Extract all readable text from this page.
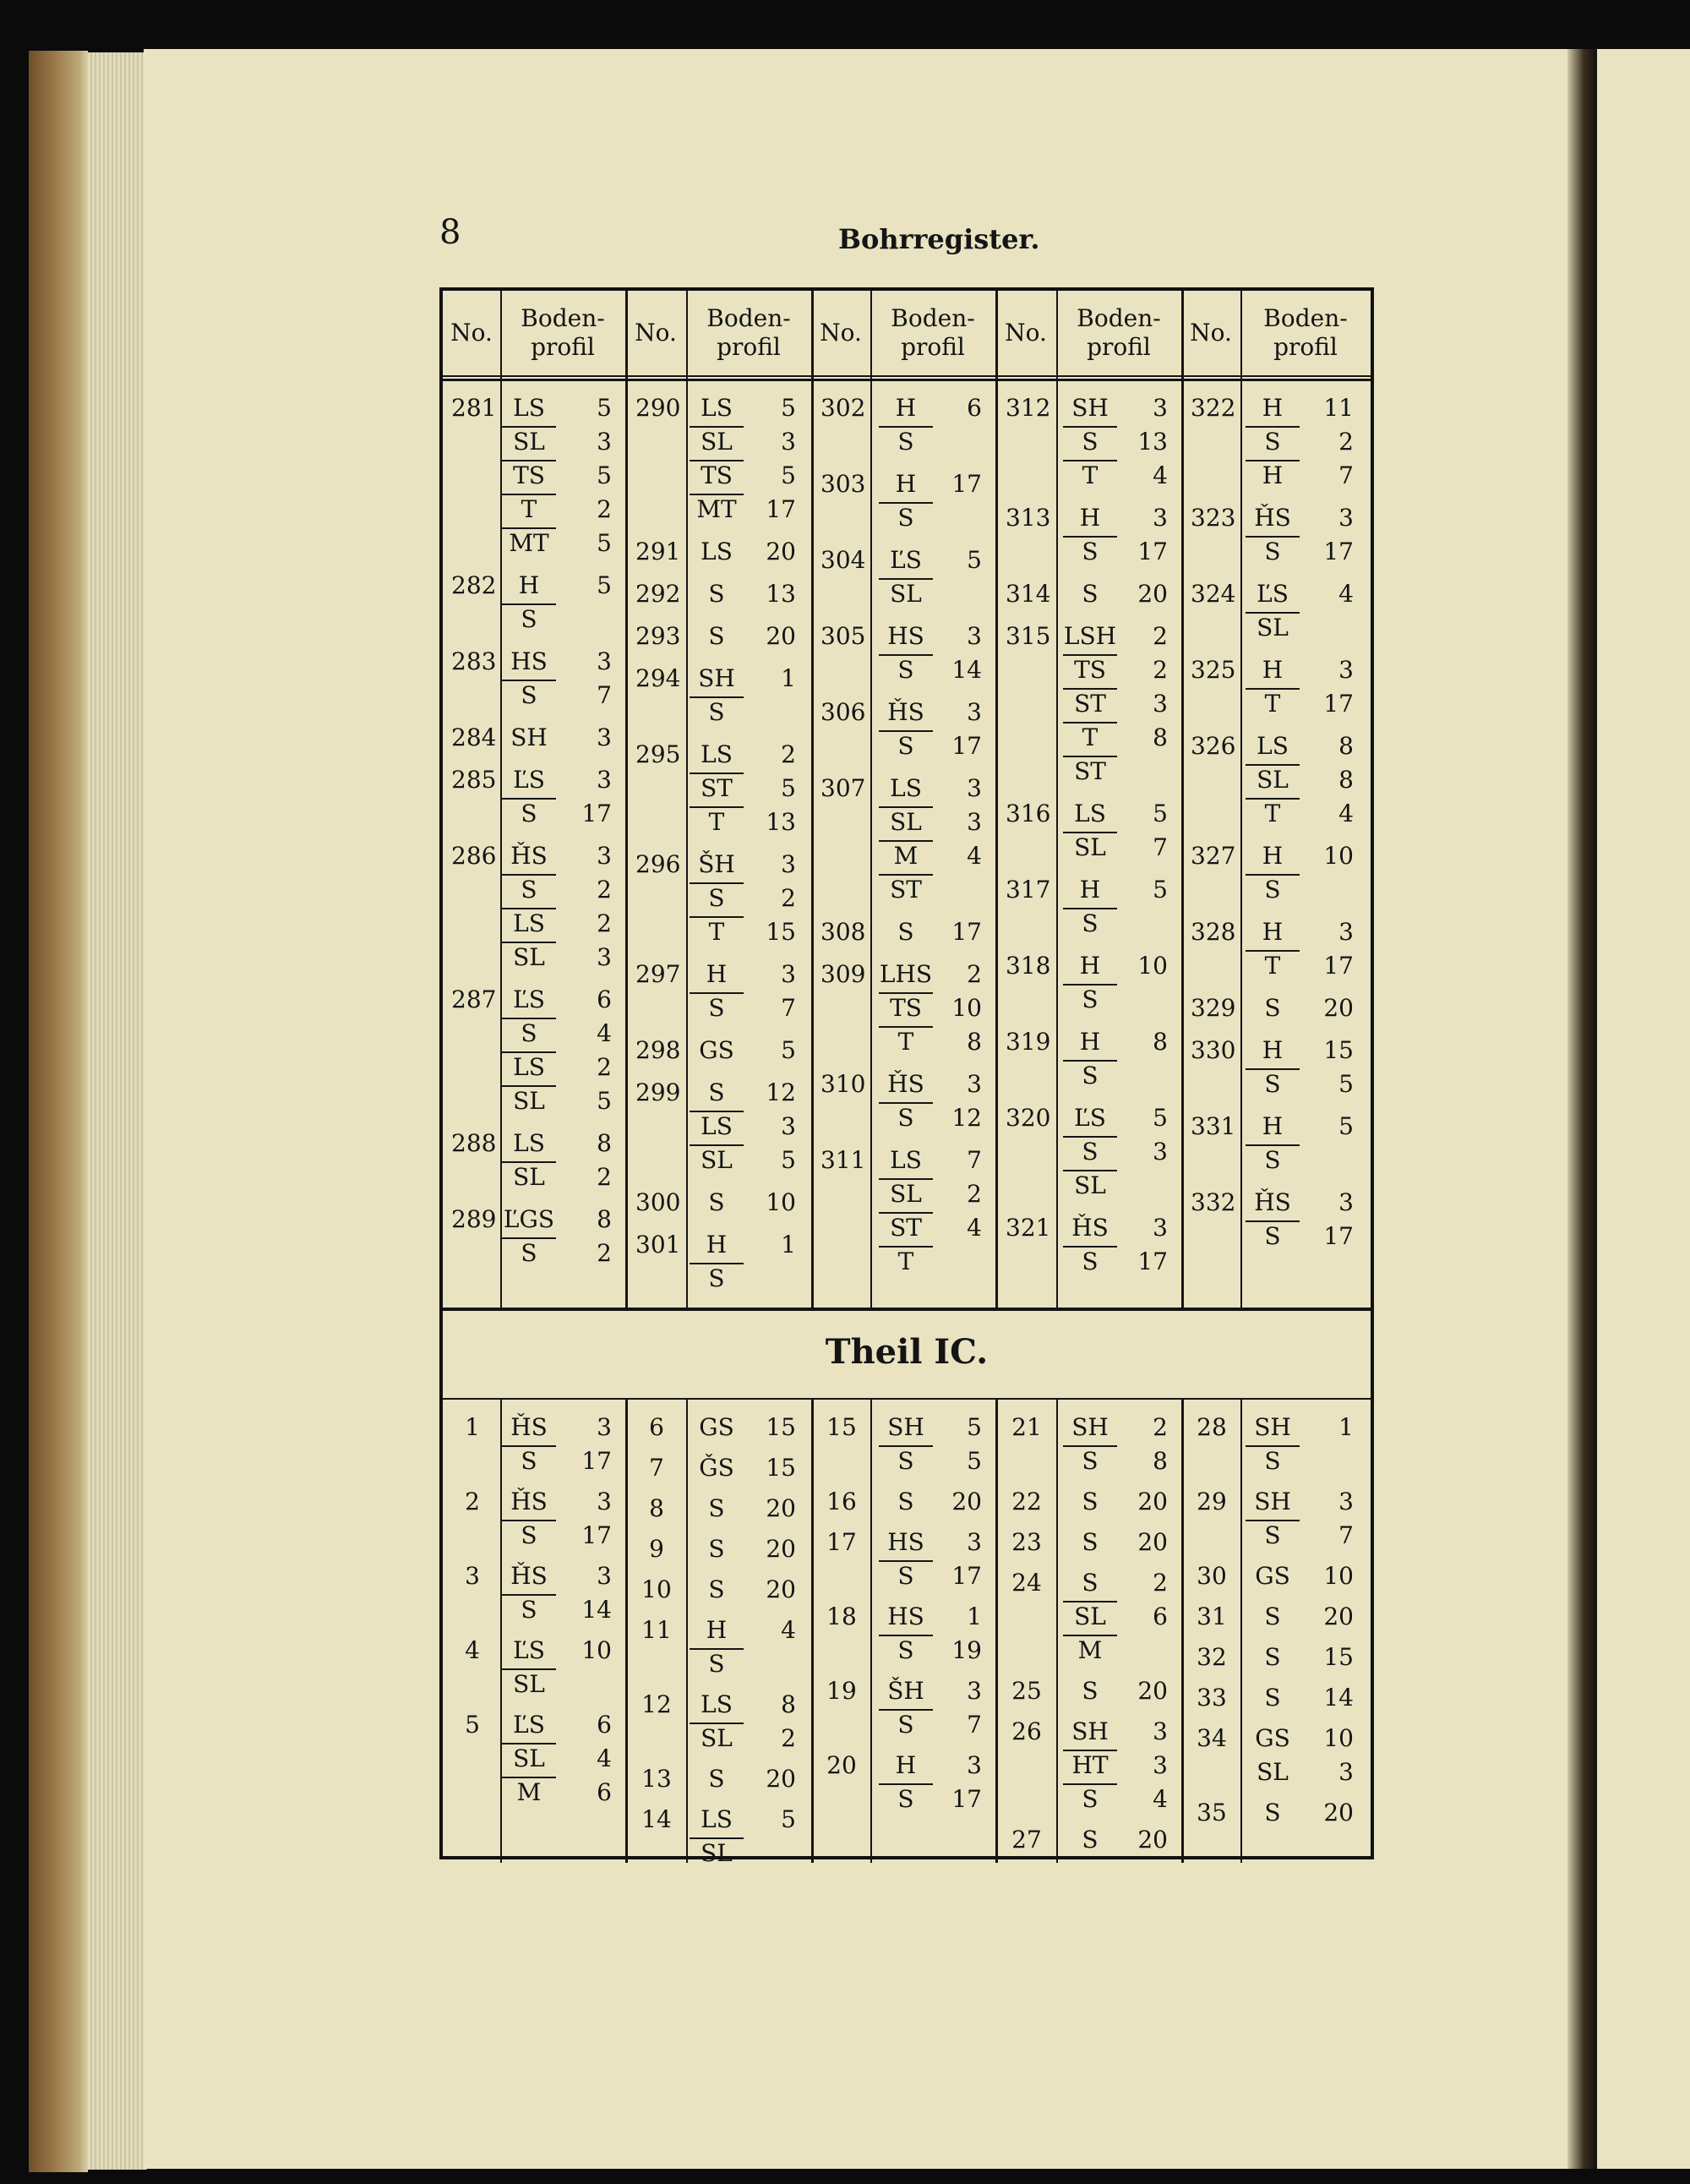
8	Bohrregister.
No.
Boden-
profil
No.
Boden-
profil
No.
Boden-
profil
No.
Boden-
profil
No.
Boden-
profil
Theil IC.
281 LS	5
SL	3
TS	5
T	2
MT	5
282 H	5
S
283 HS	3
S	7
284 SH	3
285 ĽS	3
S	17
286 ȞS	3
S	2
LS	2
SL	3
287 ĽS	6
S	4
LS	2
SL	5
288 LS	8
SL	2
289 ĽGS	8
S	2
290 LS	5
SL	3
TS	5
MT	17
291 LS	20
292	S	13
293	S	20
294 SH	1
S
295 LS	2
ST	5
T	13
296 ŠH	3
S	2
T	15
297	H	3
S	7
298 GS	5
299	S	12
LS	3
SL	5
300	S	10
301	H	1
S
302	H	6
S
303	H	17
S
304	ĽS	5
SL
305 HS	3
S	14
306 ȞS	3
S	17
307	LS	3
SL	3
M	4
ST
308	S	17
309 LHS	2
TS	10
T	8
310 ȞS	3
S	12
311	LS	7
SL	2
ST	4
T
312 SH	3
S	13
T	4
313	H	3
S	17
314	S	20
315 LSH	2
TS	2
ST	3
T	8
ST
316 LS	5
SL	7
317	H	5
S
318	H	10
S
319	H	8
S
320 ĽS	5
S	3
SL
321 ȞS	3
S	17
322	H	11
S	2
H	7
323 ȞS	3
S	17
324 ĽS	4
SL
325	H	3
T	17
326 LS	8
SL	8
T	4
327	H	10
S
328	H	3
T	17
329	S	20
330	H	15
S	5
331	H	5
S
332 ȞS	3
S	17
1	ȞS	3
S	17
2	ȞS	3
S	17
3	ȞS	3
S	14
4	ĽS	10
SL
5	ĽS	6
SL	4
M	6
6	GS	15
7	ǦS	15
8	S	20
9	S	20
10	S	20
11	H	4
S
12	LS	8
SL	2
13	S	20
14	LS	5
SL
15	SH	5
S	5
16	S	20
17	HS	3
S	17
18	HS	1
S	19
19	ŠH	3
S	7
20	H	3
S	17
21	SH	2
S	8
22	S	20
23	S	20
24	S	2
SL	6
M
25	S	20
26	SH	3
HT	3
S	4
27	S	20
28	SH	1
S
29	SH	3
S	7
30	GS	10
31	S	20
32	S	15
33	S	14
34	GS	10
SL	3
35	S	20
